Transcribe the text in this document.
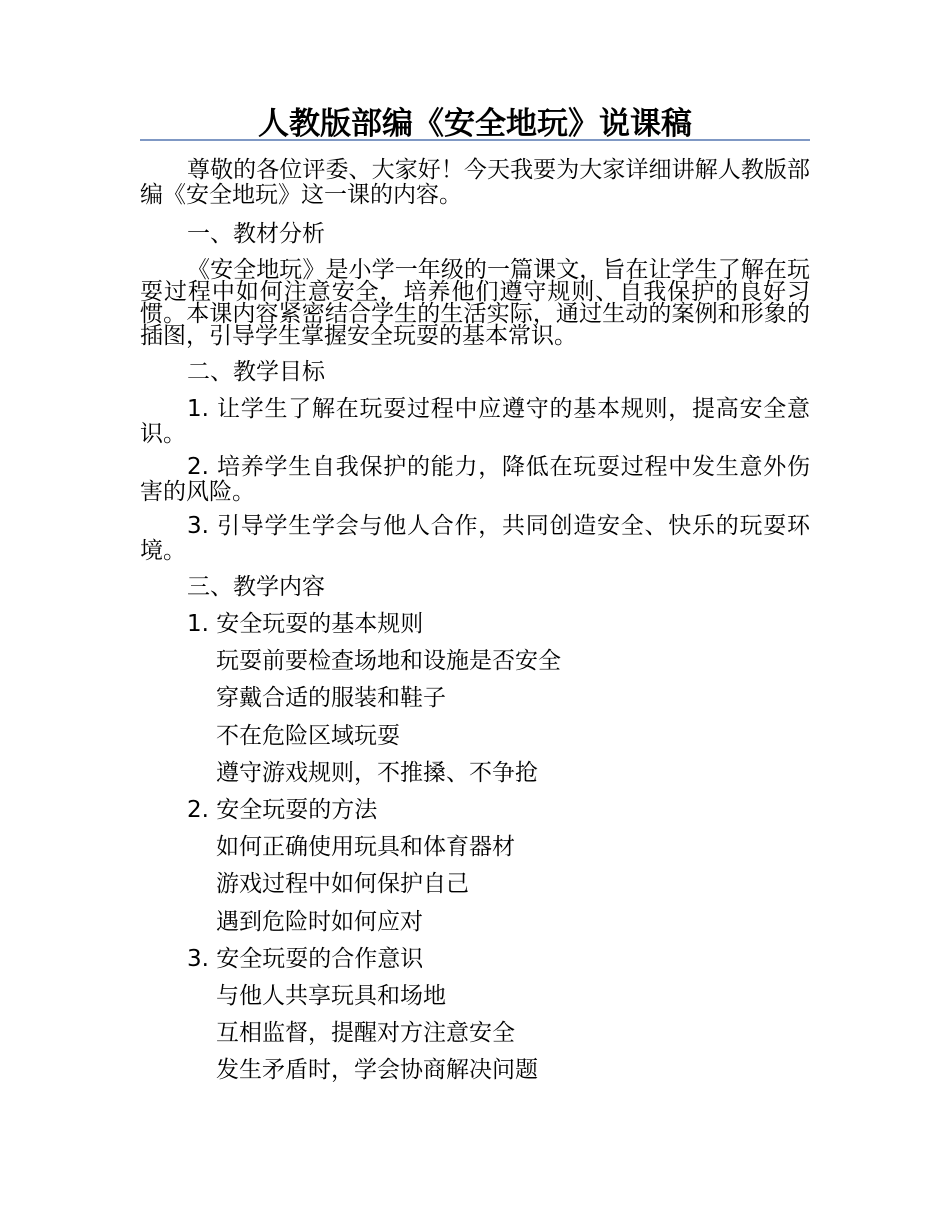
人教版部编《安全地玩》说课稿
尊敬的各位评委、大家好！今天我要为大家详细讲解人教版部编《安全地玩》这一课的内容。
一、教材分析
《安全地玩》是小学一年级的一篇课文，旨在让学生了解在玩耍过程中如何注意安全，培养他们遵守规则、自我保护的良好习惯。本课内容紧密结合学生的生活实际，通过生动的案例和形象的插图，引导学生掌握安全玩耍的基本常识。
二、教学目标
1. 让学生了解在玩耍过程中应遵守的基本规则，提高安全意识。
2. 培养学生自我保护的能力，降低在玩耍过程中发生意外伤害的风险。
3. 引导学生学会与他人合作，共同创造安全、快乐的玩耍环境。
三、教学内容
1. 安全玩耍的基本规则
玩耍前要检查场地和设施是否安全
穿戴合适的服装和鞋子
不在危险区域玩耍
遵守游戏规则，不推搡、不争抢
2. 安全玩耍的方法
如何正确使用玩具和体育器材
游戏过程中如何保护自己
遇到危险时如何应对
3. 安全玩耍的合作意识
与他人共享玩具和场地
互相监督，提醒对方注意安全
发生矛盾时，学会协商解决问题
